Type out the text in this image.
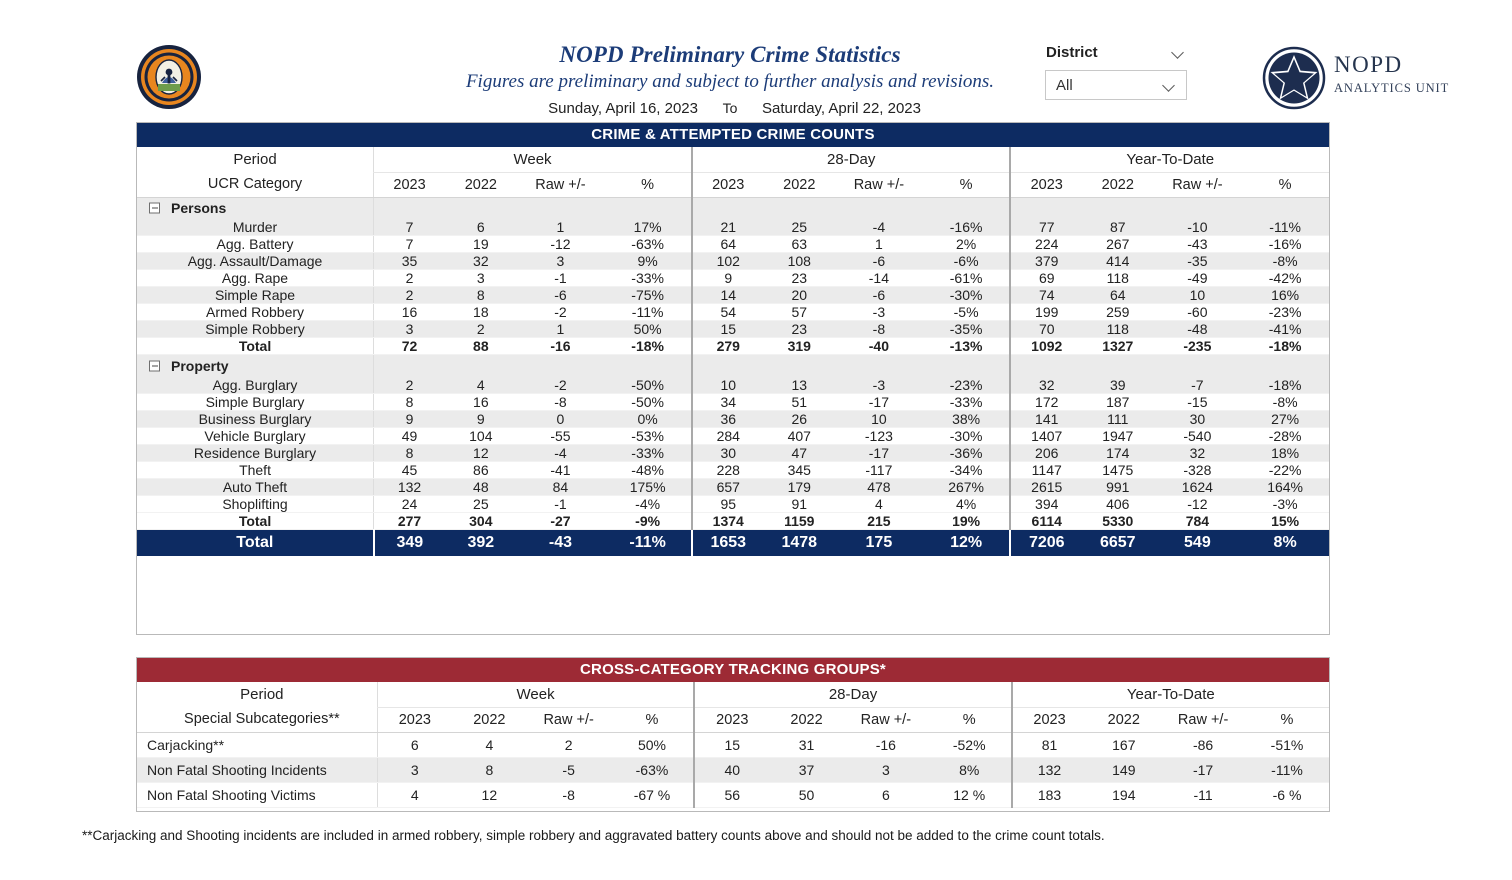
NOPD Preliminary Crime Statistics
Figures are preliminary and subject to further analysis and revisions.
Sunday, April 16, 2023	To	Saturday, April 22, 2023
District
All
NOPD
ANALYTICS UNIT
CRIME & ATTEMPTED CRIME COUNTS
Period	Week				28-Day				Year-To-Date			
UCR Category	2023	2022	Raw +/-	%	2023	2022	Raw +/-	%	2023	2022	Raw +/-	%

Persons												
Murder	7	6	1	17%	21	25	-4	-16%	77	87	-10	-11%
Agg. Battery	7	19	-12	-63%	64	63	1	2%	224	267	-43	-16%
Agg. Assault/Damage	35	32	3	9%	102	108	-6	-6%	379	414	-35	-8%
Agg. Rape	2	3	-1	-33%	9	23	-14	-61%	69	118	-49	-42%
Simple Rape	2	8	-6	-75%	14	20	-6	-30%	74	64	10	16%
Armed Robbery	16	18	-2	-11%	54	57	-3	-5%	199	259	-60	-23%
Simple Robbery	3	2	1	50%	15	23	-8	-35%	70	118	-48	-41%
Total	72	88	-16	-18%	279	319	-40	-13%	1092	1327	-235	-18%

Property												
Agg. Burglary	2	4	-2	-50%	10	13	-3	-23%	32	39	-7	-18%
Simple Burglary	8	16	-8	-50%	34	51	-17	-33%	172	187	-15	-8%
Business Burglary	9	9	0	0%	36	26	10	38%	141	111	30	27%
Vehicle Burglary	49	104	-55	-53%	284	407	-123	-30%	1407	1947	-540	-28%
Residence Burglary	8	12	-4	-33%	30	47	-17	-36%	206	174	32	18%
Theft	45	86	-41	-48%	228	345	-117	-34%	1147	1475	-328	-22%
Auto Theft	132	48	84	175%	657	179	478	267%	2615	991	1624	164%
Shoplifting	24	25	-1	-4%	95	91	4	4%	394	406	-12	-3%
Total	277	304	-27	-9%	1374	1159	215	19%	6114	5330	784	15%
Total	349	392	-43	-11%	1653	1478	175	12%	7206	6657	549	8%
CROSS-CATEGORY TRACKING GROUPS*
Period	Week				28-Day				Year-To-Date			
Special Subcategories**	2023	2022	Raw +/-	%	2023	2022	Raw +/-	%	2023	2022	Raw +/-	%
Carjacking**	6	4	2	50%	15	31	-16	-52%	81	167	-86	-51%
Non Fatal Shooting Incidents	3	8	-5	-63%	40	37	3	8%	132	149	-17	-11%
Non Fatal Shooting Victims	4	12	-8	-67 %	56	50	6	12 %	183	194	-11	-6 %
**Carjacking and Shooting incidents are included in armed robbery, simple robbery and aggravated battery counts above and should not be added to the crime count totals.
